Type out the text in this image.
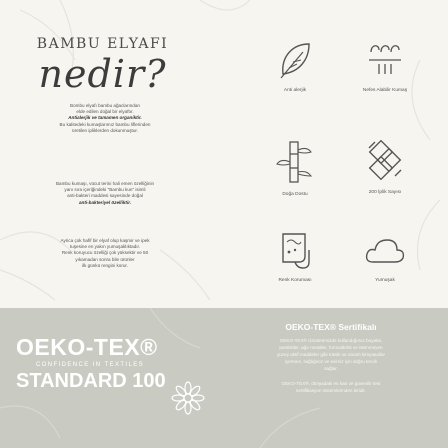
BAMBU ELYAFI
nedir?
Bombu elyafı bambu ağaclarından
elde edilen doğal bir elyaftır.
Antialerjik ve tamamen organiktir.
Bu kalitedeki kumaşlarımız bambu liflerinden
üretilen ipliklerden dokunmuştur.
Bambu kumaşı, vücut terini hali emen özelliğinin
yanı sıra içeriğindeki "Bambu kun" isimli
anti-bakteri maddesi sayesinde doğal
anti-bakteriyel özelliktir.
Ayrica çok hafif bir elyaf olup kaşmir ve ipek
tuşesine en yakın yumuşaklıktadır.
Renk koruyucu özelliği çok yüksektir ve 50
yıkamadan sonra bile ürünler
ilk günkü rengini korur.
Anti alerjik	Nefes Alabilir Kumaş
Doğa Dostu	200 İplik Sayısı
Renk Koruması	Yumuşak
OEKO-TEX®
CONFIDENCE IN TEXTILES
STANDARD 100
OEKO-TEX® Sertifikalı
OEKO-TEX® Ürünlerimizde kullandığımız boyalar,
pestisitler, ağır metaller, formaldehit ve istenmeyen
yüzey aktif maddeler gibi toksik ve zararlı kimyasallar
içermez, sağlığınız ve evimiz için doğru tercih
sağlar.
OEKO-TEX®, dünyadaki en katı ve güvenilir test
sertifikasyon sistemlerinden biridir.
